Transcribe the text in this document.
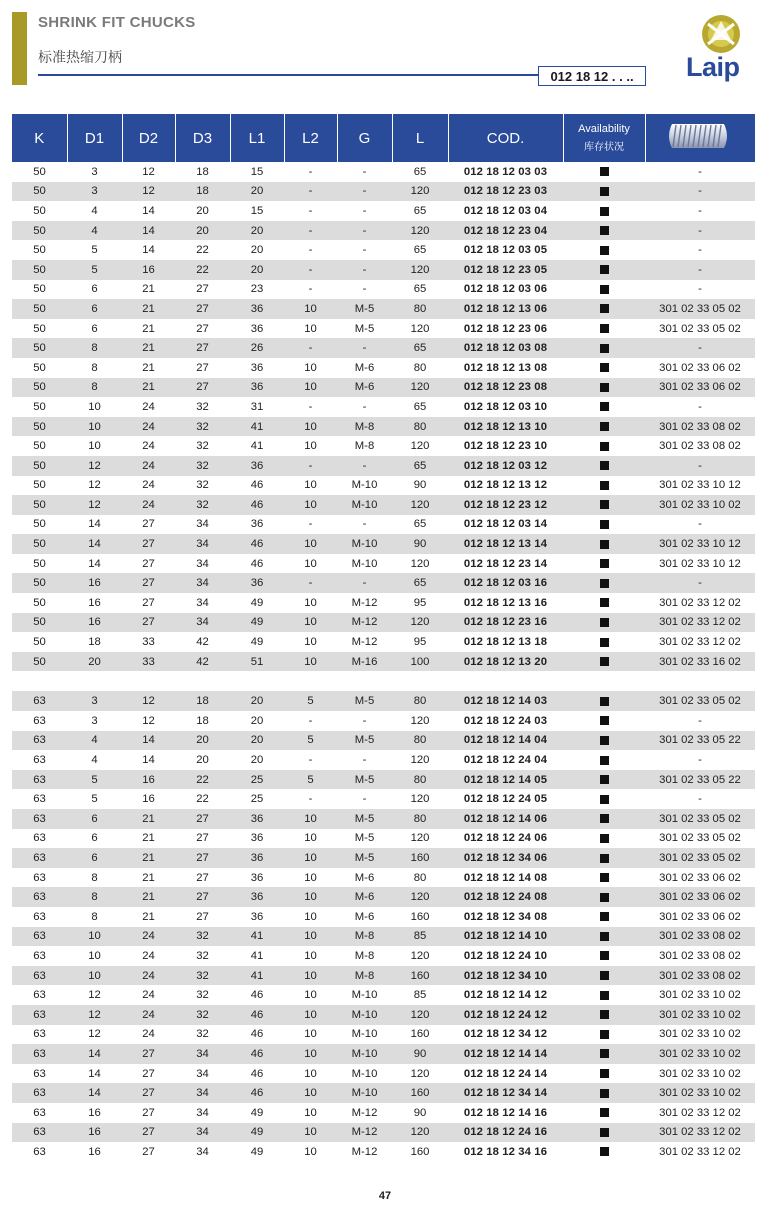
SHRINK FIT CHUCKS
标准热缩刀柄
012 18 12 . . ..	Laip
K	D1	D2	D3	L1	L2	G	L	COD.	Availability
库存状况

50	3	12	18	15	-	-	65	012 18 12 03 03		-
50	3	12	18	20	-	-	120	012 18 12 23 03		-
50	4	14	20	15	-	-	65	012 18 12 03 04		-
50	4	14	20	20	-	-	120	012 18 12 23 04		-
50	5	14	22	20	-	-	65	012 18 12 03 05		-
50	5	16	22	20	-	-	120	012 18 12 23 05		-
50	6	21	27	23	-	-	65	012 18 12 03 06		-
50	6	21	27	36	10	M-5	80	012 18 12 13 06		301 02 33 05 02
50	6	21	27	36	10	M-5	120	012 18 12 23 06		301 02 33 05 02
50	8	21	27	26	-	-	65	012 18 12 03 08		-
50	8	21	27	36	10	M-6	80	012 18 12 13 08		301 02 33 06 02
50	8	21	27	36	10	M-6	120	012 18 12 23 08		301 02 33 06 02
50	10	24	32	31	-	-	65	012 18 12 03 10		-
50	10	24	32	41	10	M-8	80	012 18 12 13 10		301 02 33 08 02
50	10	24	32	41	10	M-8	120	012 18 12 23 10		301 02 33 08 02
50	12	24	32	36	-	-	65	012 18 12 03 12		-
50	12	24	32	46	10	M-10	90	012 18 12 13 12		301 02 33 10 12
50	12	24	32	46	10	M-10	120	012 18 12 23 12		301 02 33 10 02
50	14	27	34	36	-	-	65	012 18 12 03 14		-
50	14	27	34	46	10	M-10	90	012 18 12 13 14		301 02 33 10 12
50	14	27	34	46	10	M-10	120	012 18 12 23 14		301 02 33 10 12
50	16	27	34	36	-	-	65	012 18 12 03 16		-
50	16	27	34	49	10	M-12	95	012 18 12 13 16		301 02 33 12 02
50	16	27	34	49	10	M-12	120	012 18 12 23 16		301 02 33 12 02
50	18	33	42	49	10	M-12	95	012 18 12 13 18		301 02 33 12 02
50	20	33	42	51	10	M-16	100	012 18 12 13 20		301 02 33 16 02

63	3	12	18	20	5	M-5	80	012 18 12 14 03		301 02 33 05 02
63	3	12	18	20	-	-	120	012 18 12 24 03		-
63	4	14	20	20	5	M-5	80	012 18 12 14 04		301 02 33 05 22
63	4	14	20	20	-	-	120	012 18 12 24 04		-
63	5	16	22	25	5	M-5	80	012 18 12 14 05		301 02 33 05 22
63	5	16	22	25	-	-	120	012 18 12 24 05		-
63	6	21	27	36	10	M-5	80	012 18 12 14 06		301 02 33 05 02
63	6	21	27	36	10	M-5	120	012 18 12 24 06		301 02 33 05 02
63	6	21	27	36	10	M-5	160	012 18 12 34 06		301 02 33 05 02
63	8	21	27	36	10	M-6	80	012 18 12 14 08		301 02 33 06 02
63	8	21	27	36	10	M-6	120	012 18 12 24 08		301 02 33 06 02
63	8	21	27	36	10	M-6	160	012 18 12 34 08		301 02 33 06 02
63	10	24	32	41	10	M-8	85	012 18 12 14 10		301 02 33 08 02
63	10	24	32	41	10	M-8	120	012 18 12 24 10		301 02 33 08 02
63	10	24	32	41	10	M-8	160	012 18 12 34 10		301 02 33 08 02
63	12	24	32	46	10	M-10	85	012 18 12 14 12		301 02 33 10 02
63	12	24	32	46	10	M-10	120	012 18 12 24 12		301 02 33 10 02
63	12	24	32	46	10	M-10	160	012 18 12 34 12		301 02 33 10 02
63	14	27	34	46	10	M-10	90	012 18 12 14 14		301 02 33 10 02
63	14	27	34	46	10	M-10	120	012 18 12 24 14		301 02 33 10 02
63	14	27	34	46	10	M-10	160	012 18 12 34 14		301 02 33 10 02
63	16	27	34	49	10	M-12	90	012 18 12 14 16		301 02 33 12 02
63	16	27	34	49	10	M-12	120	012 18 12 24 16		301 02 33 12 02
63	16	27	34	49	10	M-12	160	012 18 12 34 16		301 02 33 12 02
47
